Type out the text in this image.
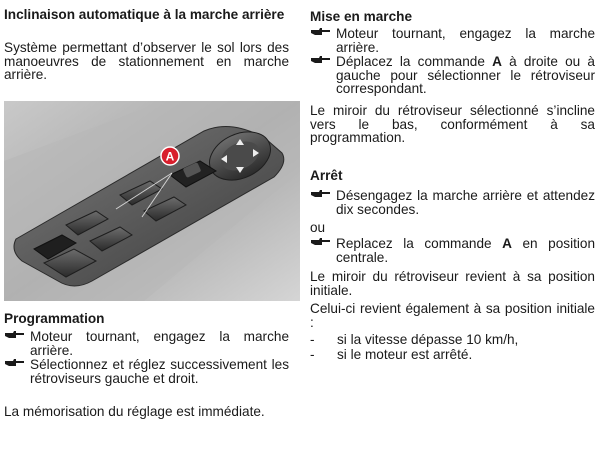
Inclinaison automatique à la marche arrière

Système permettant d’observer le sol lors des manoeuvres de stationnement en marche arrière.

A
Programmation
Moteur tournant, engagez la marche arrière.
Sélectionnez et réglez successivement les rétroviseurs gauche et droit.

La mémorisation du réglage est immédiate.

Mise en marche
Moteur tournant, engagez la marche arrière.
Déplacez la commande A à droite ou à gauche pour sélectionner le rétroviseur correspondant.

Le miroir du rétroviseur sélectionné s’incline vers le bas, conformément à sa programmation.

Arrêt
Désengagez la marche arrière et attendez dix secondes.

ou

Replacez la commande A en position centrale.

Le miroir du rétroviseur revient à sa position initiale.

Celui-ci revient également à sa position initiale :

- si la vitesse dépasse 10 km/h,
- si le moteur est arrêté.
